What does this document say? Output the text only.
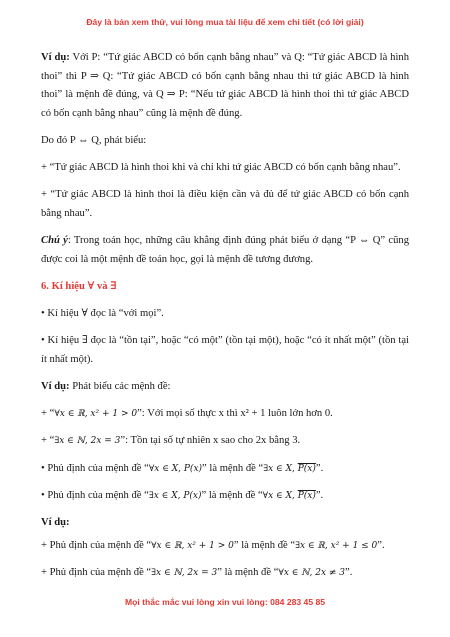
Đây là bản xem thử, vui lòng mua tài liệu để xem chi tiết (có lời giải)

Ví dụ: Với P: “Tứ giác ABCD có bốn cạnh bằng nhau” và Q: “Tứ giác ABCD là hình thoi” thì P ⇒ Q: “Tứ giác ABCD có bốn cạnh bằng nhau thì tứ giác ABCD là hình thoi” là mệnh đề đúng, và Q ⇒ P: “Nếu tứ giác ABCD là hình thoi thì tứ giác ABCD có bốn cạnh bằng nhau” cũng là mệnh đề đúng.

Do đó P ⇔ Q, phát biểu:

+ “Tứ giác ABCD là hình thoi khi và chỉ khi tứ giác ABCD có bốn cạnh bằng nhau”.

+ “Tứ giác ABCD là hình thoi là điều kiện cần và đủ để tứ giác ABCD có bốn cạnh bằng nhau”.

Chú ý: Trong toán học, những câu khẳng định đúng phát biểu ở dạng “P ⇔ Q” cũng được coi là một mệnh đề toán học, gọi là mệnh đề tương đương.

6. Kí hiệu ∀ và ∃

• Kí hiệu ∀ đọc là “với mọi”.

• Kí hiệu ∃ đọc là “tồn tại”, hoặc “có một” (tồn tại một), hoặc “có ít nhất một” (tồn tại ít nhất một).

Ví dụ: Phát biểu các mệnh đề:

+ “∀x ∈ ℝ, x² + 1 > 0”: Với mọi số thực x thì x² + 1 luôn lớn hơn 0.

+ “∃x ∈ ℕ, 2x = 3”: Tồn tại số tự nhiên x sao cho 2x bằng 3.

• Phủ định của mệnh đề “∀x ∈ X, P(x)” là mệnh đề “∃x ∈ X, P(x)”.

• Phủ định của mệnh đề “∃x ∈ X, P(x)” là mệnh đề “∀x ∈ X, P(x)”.

Ví dụ:

+ Phủ định của mệnh đề “∀x ∈ ℝ, x² + 1 > 0” là mệnh đề “∃x ∈ ℝ, x² + 1 ≤ 0”.

+ Phủ định của mệnh đề “∃x ∈ ℕ, 2x = 3” là mệnh đề “∀x ∈ ℕ, 2x ≠ 3”.

Mọi thắc mắc vui lòng xin vui lòng: 084 283 45 85
